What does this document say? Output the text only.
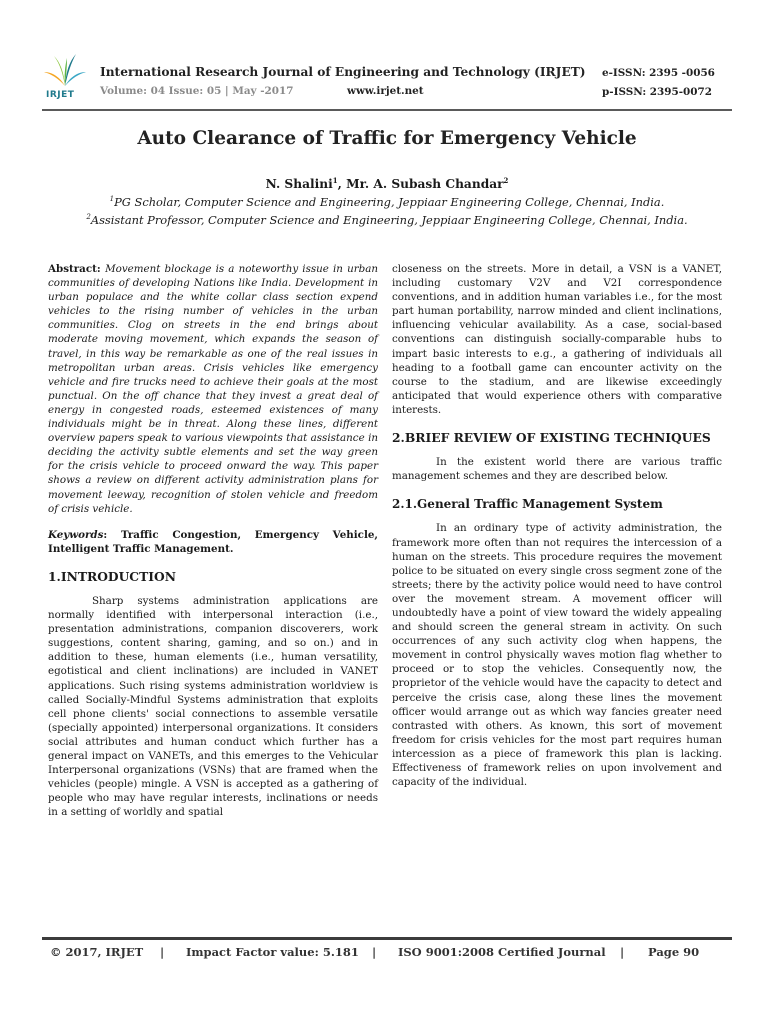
IRJET
International Research Journal of Engineering and Technology (IRJET)
Volume: 04 Issue: 05 | May -2017	www.irjet.net
e-ISSN: 2395 -0056
p-ISSN: 2395-0072
Auto Clearance of Traffic for Emergency Vehicle
N. Shalini$^1$, Mr. A. Subash Chandar$^2$
$^1$PG Scholar, Computer Science and Engineering, Jeppiaar Engineering College, Chennai, India.
$^2$Assistant Professor, Computer Science and Engineering, Jeppiaar Engineering College, Chennai, India.

Abstract: Movement blockage is a noteworthy issue in urban communities of developing Nations like India. Development in urban populace and the white collar class section expend vehicles to the rising number of vehicles in the urban communities. Clog on streets in the end brings about moderate moving movement, which expands the season of travel, in this way be remarkable as one of the real issues in metropolitan urban areas. Crisis vehicles like emergency vehicle and fire trucks need to achieve their goals at the most punctual. On the off chance that they invest a great deal of energy in congested roads, esteemed existences of many individuals might be in threat. Along these lines, different overview papers speak to various viewpoints that assistance in deciding the activity subtle elements and set the way green for the crisis vehicle to proceed onward the way. This paper shows a review on different activity administration plans for movement leeway, recognition of stolen vehicle and freedom of crisis vehicle.

Keywords: Traffic Congestion, Emergency Vehicle, Intelligent Traffic Management.

1.INTRODUCTION

Sharp systems administration applications are normally identified with interpersonal interaction (i.e., presentation administrations, companion discoverers, work suggestions, content sharing, gaming, and so on.) and in addition to these, human elements (i.e., human versatility, egotistical and client inclinations) are included in VANET applications. Such rising systems administration worldview is called Socially-Mindful Systems administration that exploits cell phone clients' social connections to assemble versatile (specially appointed) interpersonal organizations. It considers social attributes and human conduct which further has a general impact on VANETs, and this emerges to the Vehicular Interpersonal organizations (VSNs) that are framed when the vehicles (people) mingle. A VSN is accepted as a gathering of people who may have regular interests, inclinations or needs in a setting of worldly and spatial

closeness on the streets. More in detail, a VSN is a VANET, including customary V2V and V2I correspondence conventions, and in addition human variables i.e., for the most part human portability, narrow minded and client inclinations, influencing vehicular availability. As a case, social-based conventions can distinguish socially-comparable hubs to impart basic interests to e.g., a gathering of individuals all heading to a football game can encounter activity on the course to the stadium, and are likewise exceedingly anticipated that would experience others with comparative interests.

2.BRIEF REVIEW OF EXISTING TECHNIQUES

In the existent world there are various traffic management schemes and they are described below.

2.1.General Traffic Management System

In an ordinary type of activity administration, the framework more often than not requires the intercession of a human on the streets. This procedure requires the movement police to be situated on every single cross segment zone of the streets; there by the activity police would need to have control over the movement stream. A movement officer will undoubtedly have a point of view toward the widely appealing and should screen the general stream in activity. On such occurrences of any such activity clog when happens, the movement in control physically waves motion flag whether to proceed or to stop the vehicles. Consequently now, the proprietor of the vehicle would have the capacity to detect and perceive the crisis case, along these lines the movement officer would arrange out as which way fancies greater need contrasted with others. As known, this sort of movement freedom for crisis vehicles for the most part requires human intercession as a piece of framework this plan is lacking. Effectiveness of framework relies on upon involvement and capacity of the individual.

© 2017, IRJET | Impact Factor value: 5.181 | ISO 9001:2008 Certified Journal | Page 90
